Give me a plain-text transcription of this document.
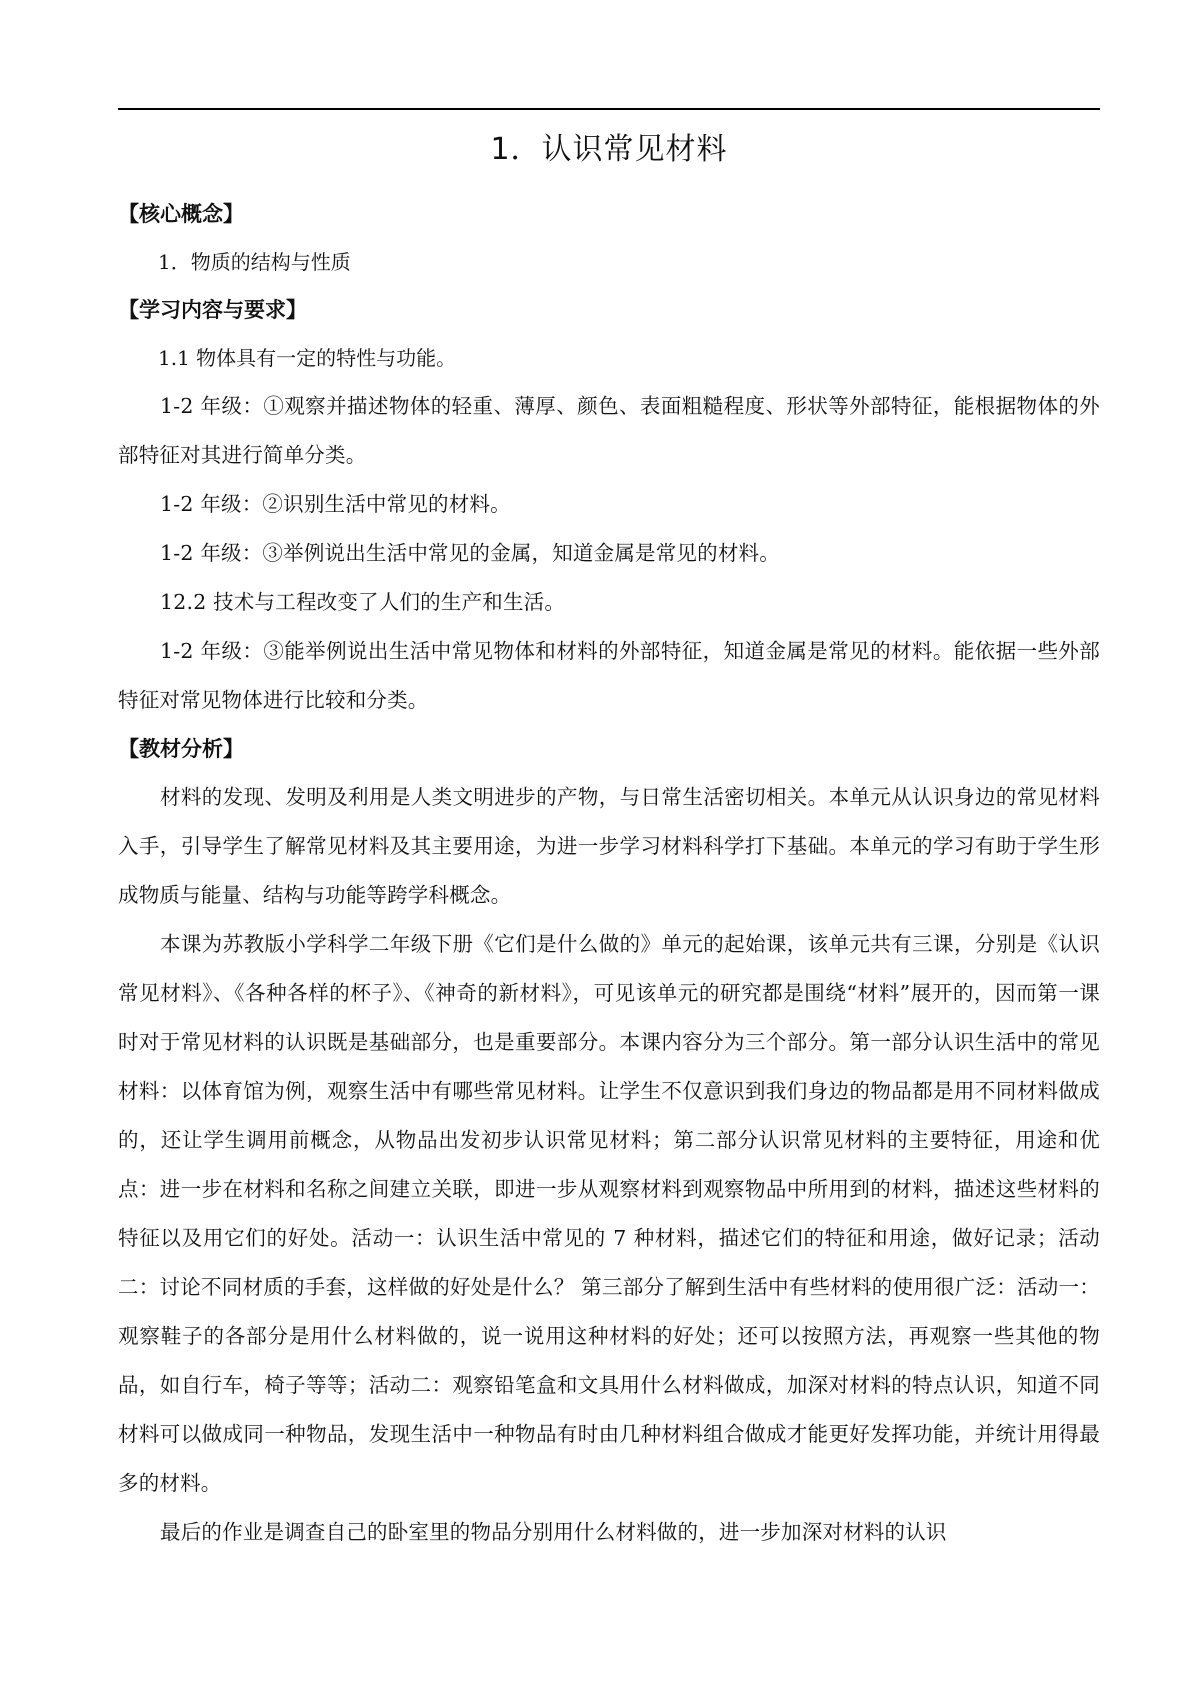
1．认识常见材料
【核心概念】

1．物质的结构与性质

【学习内容与要求】

1.1 物体具有一定的特性与功能。

1-2 年级：①观察并描述物体的轻重、薄厚、颜色、表面粗糙程度、形状等外部特征，能根据物体的外部特征对其进行简单分类。

1-2 年级：②识别生活中常见的材料。

1-2 年级：③举例说出生活中常见的金属，知道金属是常见的材料。

12.2 技术与工程改变了人们的生产和生活。

1-2 年级：③能举例说出生活中常见物体和材料的外部特征，知道金属是常见的材料。能依据一些外部特征对常见物体进行比较和分类。

【教材分析】

材料的发现、发明及利用是人类文明进步的产物，与日常生活密切相关。本单元从认识身边的常见材料入手，引导学生了解常见材料及其主要用途，为进一步学习材料科学打下基础。本单元的学习有助于学生形成物质与能量、结构与功能等跨学科概念。

本课为苏教版小学科学二年级下册《它们是什么做的》单元的起始课，该单元共有三课，分别是《认识常见材料》、《各种各样的杯子》、《神奇的新材料》，可见该单元的研究都是围绕“材料”展开的，因而第一课时对于常见材料的认识既是基础部分，也是重要部分。本课内容分为三个部分。第一部分认识生活中的常见材料：以体育馆为例，观察生活中有哪些常见材料。让学生不仅意识到我们身边的物品都是用不同材料做成的，还让学生调用前概念，从物品出发初步认识常见材料；第二部分认识常见材料的主要特征，用途和优点：进一步在材料和名称之间建立关联，即进一步从观察材料到观察物品中所用到的材料，描述这些材料的特征以及用它们的好处。活动一：认识生活中常见的 7 种材料，描述它们的特征和用途，做好记录；活动二：讨论不同材质的手套，这样做的好处是什么？ 第三部分了解到生活中有些材料的使用很广泛：活动一：观察鞋子的各部分是用什么材料做的，说一说用这种材料的好处；还可以按照方法，再观察一些其他的物品，如自行车，椅子等等；活动二：观察铅笔盒和文具用什么材料做成，加深对材料的特点认识，知道不同材料可以做成同一种物品，发现生活中一种物品有时由几种材料组合做成才能更好发挥功能，并统计用得最多的材料。

最后的作业是调查自己的卧室里的物品分别用什么材料做的，进一步加深对材料的认识
